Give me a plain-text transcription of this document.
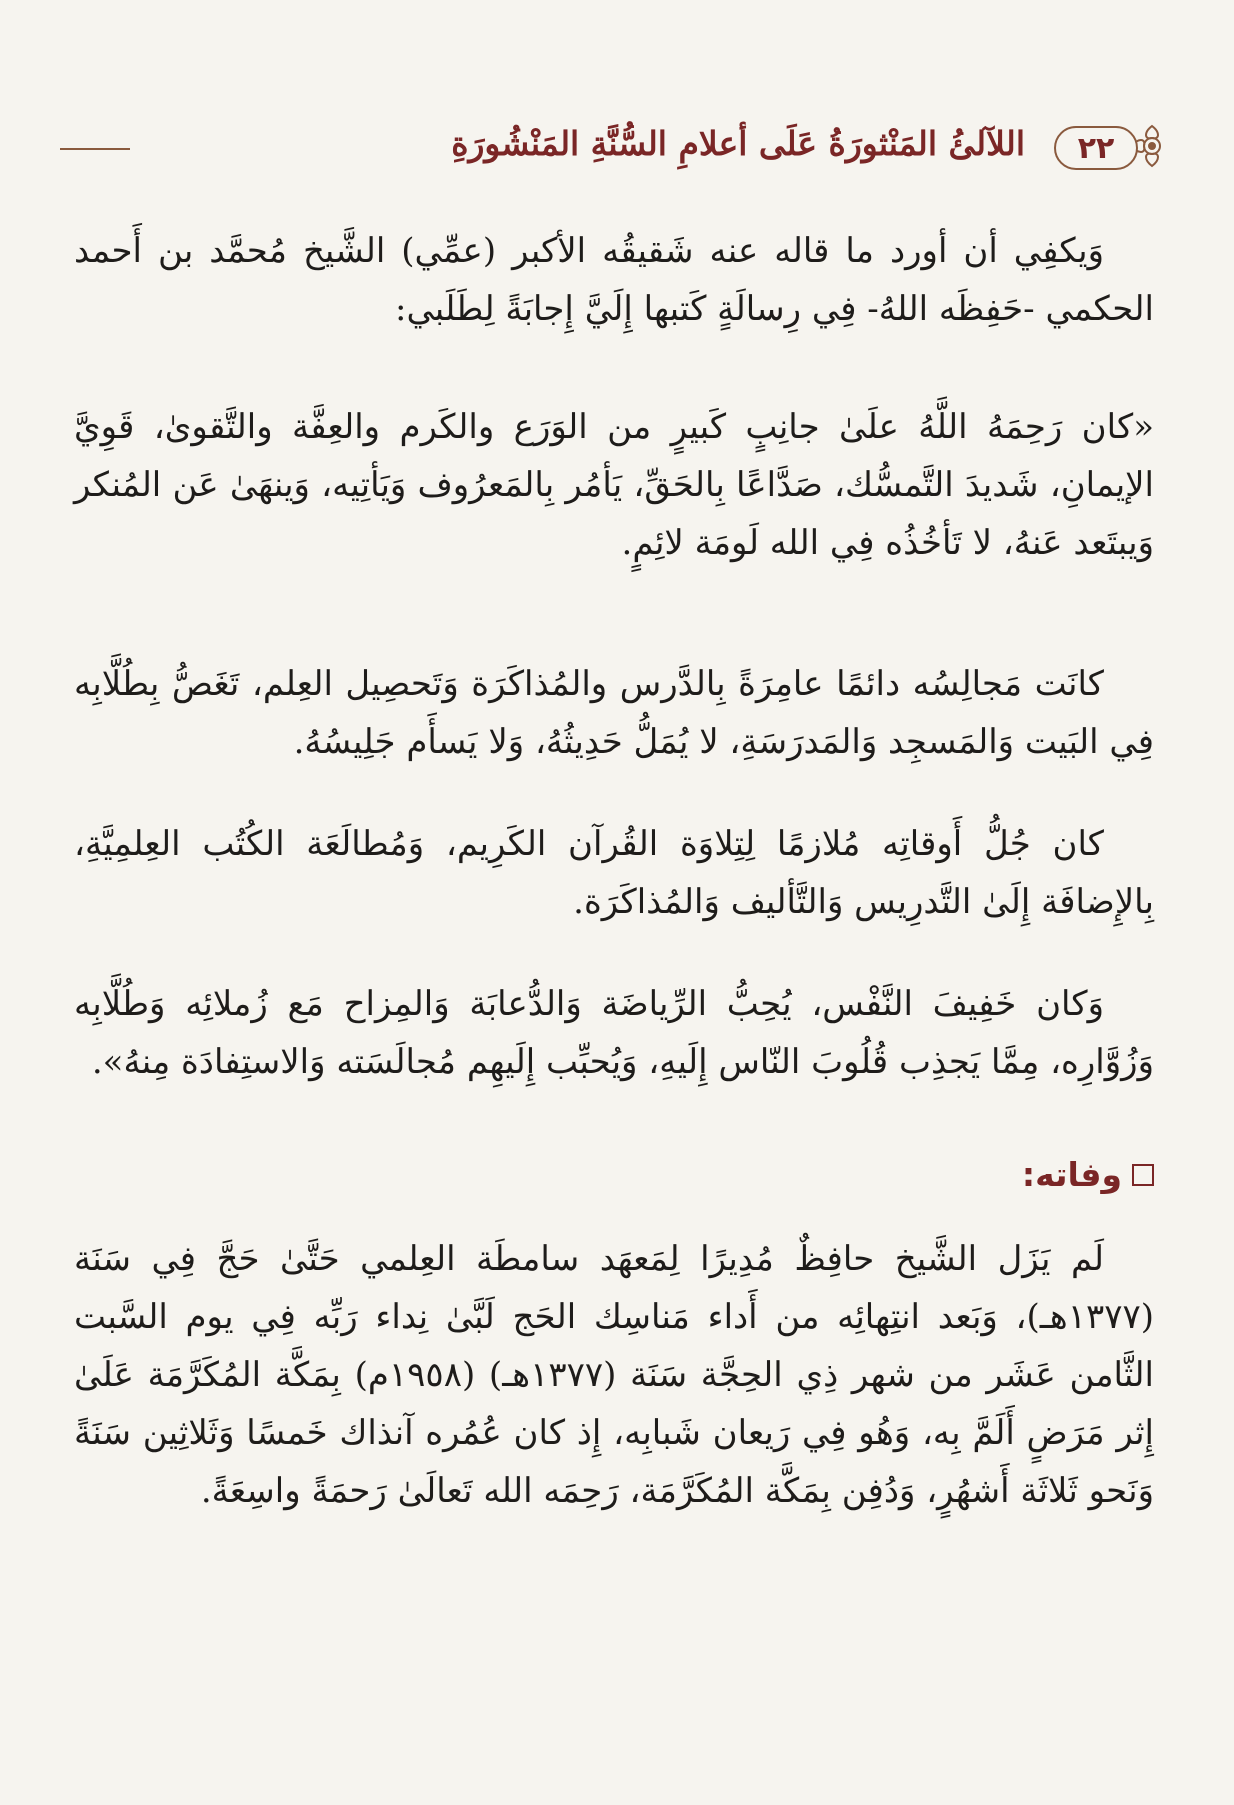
٢٢
اللآلئُ المَنْثورَةُ عَلَى أعلامِ السُّنَّةِ المَنْشُورَةِ

وَيكفِي أن أورد ما قاله عنه شَقيقُه الأكبر (عمِّي) الشَّيخ مُحمَّد بن أَحمد الحكمي -حَفِظَه اللهُ- فِي رِسالَةٍ كَتبها إِلَيَّ إِجابَةً لِطَلَبي:

«كان رَحِمَهُ اللَّهُ علَىٰ جانِبٍ كَبيرٍ من الوَرَع والكَرم والعِفَّة والتَّقوىٰ، قَوِيَّ الإيمانِ، شَديدَ التَّمسُّك، صَدَّاعًا بِالحَقِّ، يَأمُر بِالمَعرُوف وَيَأتِيه، وَينهَىٰ عَن المُنكر وَيبتَعد عَنهُ، لا تَأخُذُه فِي الله لَومَة لائِمٍ.

كانَت مَجالِسُه دائمًا عامِرَةً بِالدَّرس والمُذاكَرَة وَتَحصِيل العِلم، تَغَصُّ بِطُلَّابِه فِي البَيت وَالمَسجِد وَالمَدرَسَةِ، لا يُمَلُّ حَدِيثُهُ، وَلا يَسأَم جَلِيسُهُ.

كان جُلُّ أَوقاتِه مُلازمًا لِتِلاوَة القُرآن الكَرِيم، وَمُطالَعَة الكُتُب العِلمِيَّةِ، بِالإِضافَة إِلَىٰ التَّدرِيس وَالتَّأليف وَالمُذاكَرَة.

وَكان خَفِيفَ النَّفْس، يُحِبُّ الرِّياضَة وَالدُّعابَة وَالمِزاح مَع زُملائِه وَطُلَّابِه وَزُوَّارِه، مِمَّا يَجذِب قُلُوبَ النّاس إِلَيهِ، وَيُحبِّب إِلَيهِم مُجالَسَته وَالاستِفادَة مِنهُ».

وفاته:

لَم يَزَل الشَّيخ حافِظٌ مُدِيرًا لِمَعهَد سامطَة العِلمي حَتَّىٰ حَجَّ فِي سَنَة (١٣٧٧هـ)، وَبَعد انتِهائِه من أَداء مَناسِك الحَج لَبَّىٰ نِداء رَبِّه فِي يوم السَّبت الثَّامن عَشَر من شهر ذِي الحِجَّة سَنَة (١٣٧٧هـ) (١٩٥٨م) بِمَكَّة المُكَرَّمَة عَلَىٰ إِثر مَرَضٍ أَلَمَّ بِه، وَهُو فِي رَيعان شَبابِه، إِذ كان عُمُره آنذاك خَمسًا وَثَلاثِين سَنَةً وَنَحو ثَلاثَة أَشهُرٍ، وَدُفِن بِمَكَّة المُكَرَّمَة، رَحِمَه الله تَعالَىٰ رَحمَةً واسِعَةً.
